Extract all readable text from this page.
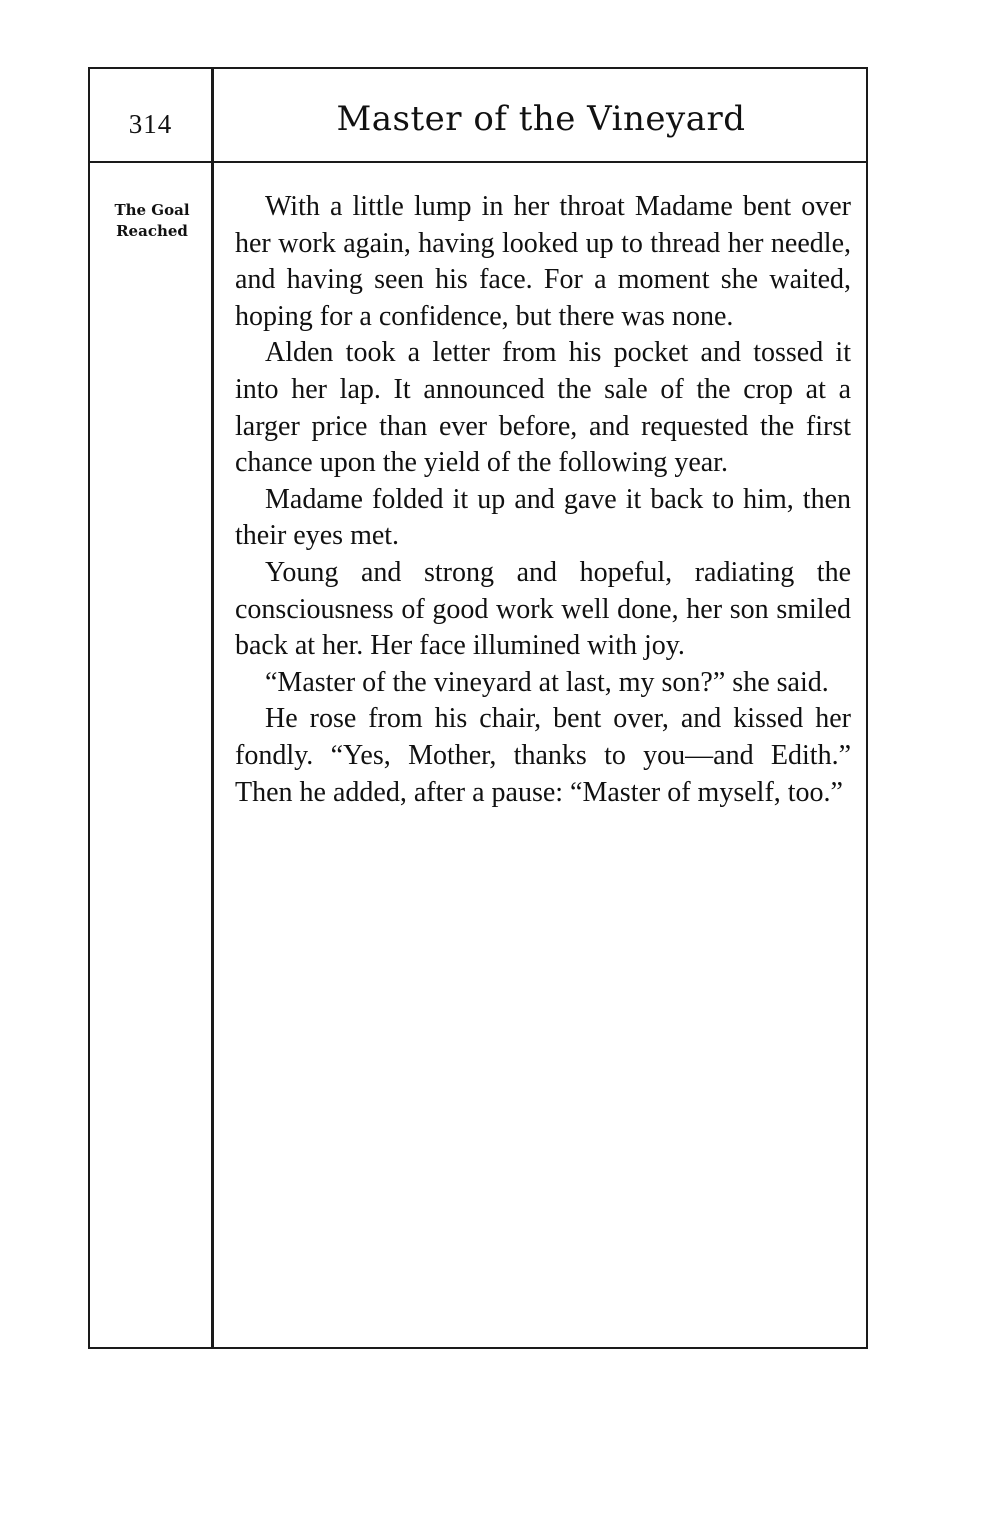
314	Master of the Vineyard
The Goal
Reached

With a little lump in her throat Madame bent over her work again, having looked up to thread her needle, and having seen his face. For a moment she waited, hoping for a confidence, but there was none.

Alden took a letter from his pocket and tossed it into her lap. It announced the sale of the crop at a larger price than ever before, and requested the first chance upon the yield of the following year.

Madame folded it up and gave it back to him, then their eyes met.

Young and strong and hopeful, radiating the consciousness of good work well done, her son smiled back at her. Her face illumined with joy.

“Master of the vineyard at last, my son?” she said.

He rose from his chair, bent over, and kissed her fondly. “Yes, Mother, thanks to you—and Edith.” Then he added, after a pause: “Master of myself, too.”
